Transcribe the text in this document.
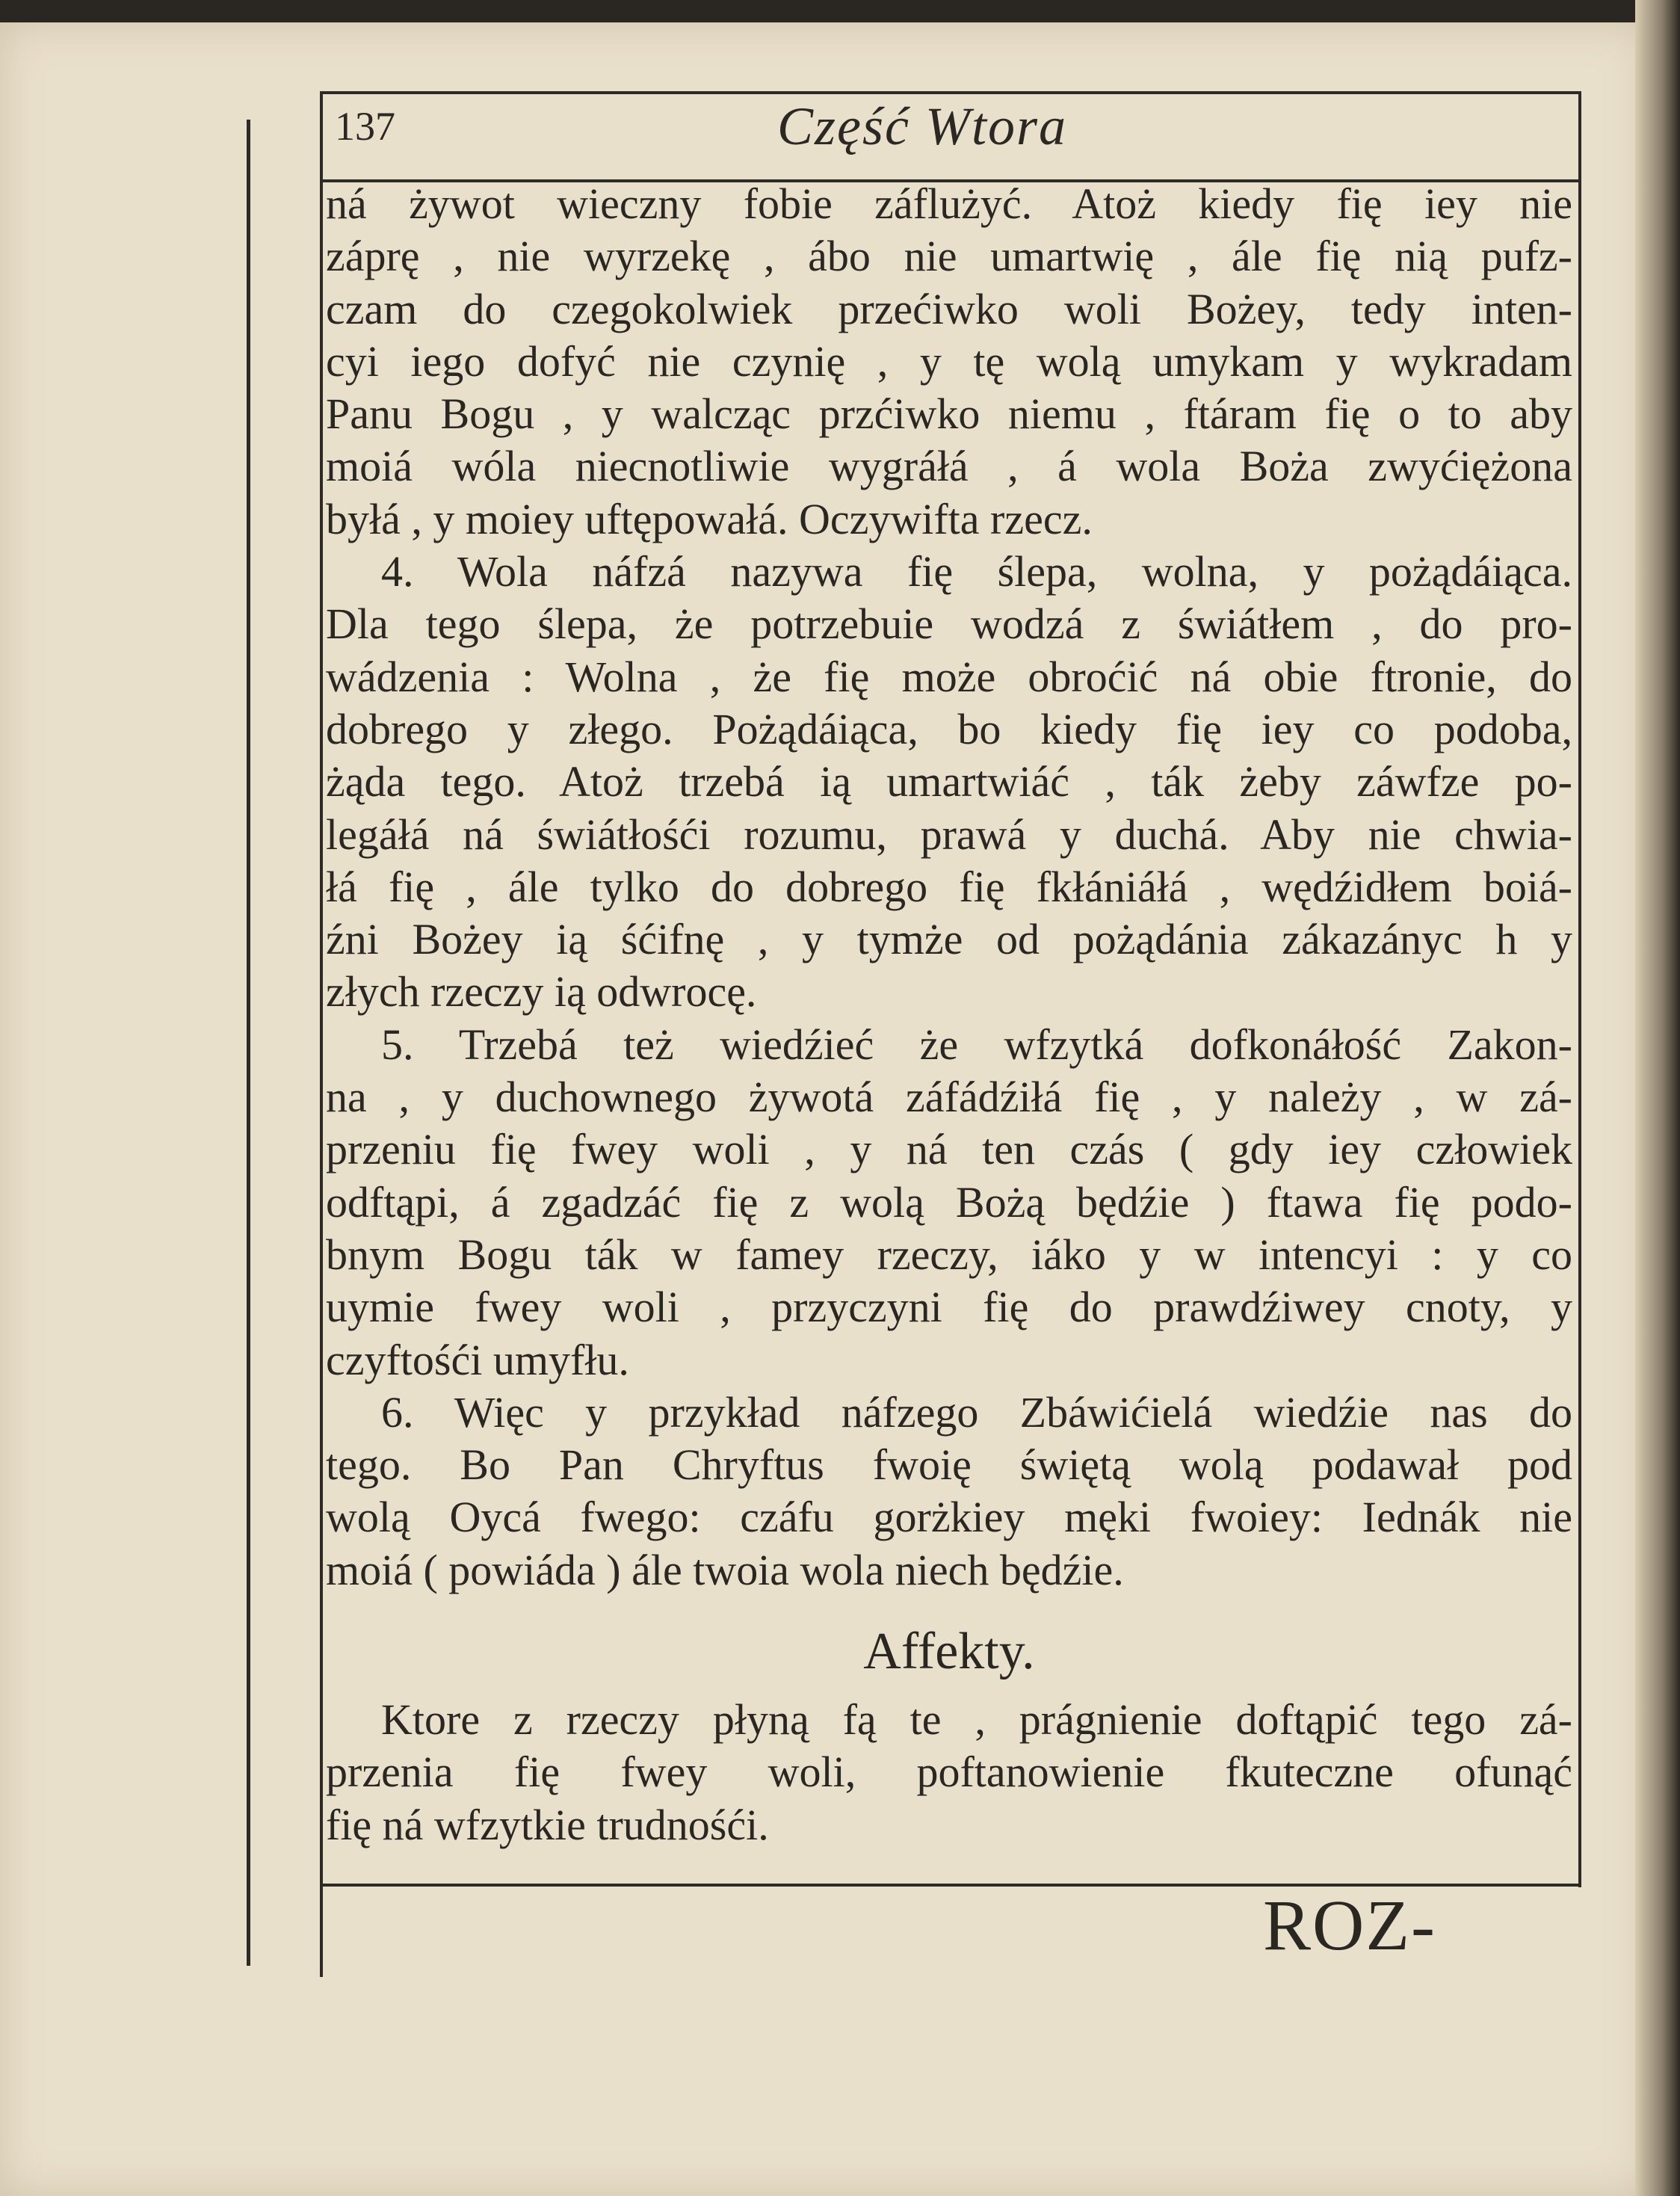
137	Część Wtora
ná żywot wieczny fobie záflużyć. Atoż kiedy fię iey nie
záprę , nie wyrzekę , ábo nie umartwię , ále fię nią pufz-
czam do czegokolwiek przećiwko woli Bożey, tedy inten-
cyi iego dofyć nie czynię , y tę wolą umykam y wykradam
Panu Bogu , y walcząc przćiwko niemu , ftáram fię o to aby
moiá wóla niecnotliwie wygráłá , á wola Boża zwyćiężona
byłá , y moiey uftępowałá. Oczywifta rzecz.
4. Wola náfzá nazywa fię ślepa, wolna, y pożądáiąca.
Dla tego ślepa, że potrzebuie wodzá z świátłem , do pro-
wádzenia : Wolna , że fię może obroćić ná obie ftronie, do
dobrego y złego. Pożądáiąca, bo kiedy fię iey co podoba,
żąda tego. Atoż trzebá ią umartwiáć , ták żeby záwfze po-
legáłá ná świátłośći rozumu, prawá y duchá. Aby nie chwia-
łá fię , ále tylko do dobrego fię fkłániáłá , wędźidłem boiá-
źni Bożey ią śćifnę , y tymże od pożądánia zákazányc h y
złych rzeczy ią odwrocę.
5. Trzebá też wiedźieć że wfzytká dofkonáłość Zakon-
na , y duchownego żywotá záfádźiłá fię , y należy , w zá-
przeniu fię fwey woli , y ná ten czás ( gdy iey człowiek
odftąpi, á zgadzáć fię z wolą Bożą będźie ) ftawa fię podo-
bnym Bogu ták w famey rzeczy, iáko y w intencyi : y co
uymie fwey woli , przyczyni fię do prawdźiwey cnoty, y
czyftośći umyfłu.
6. Więc y przykład náfzego Zbáwićielá wiedźie nas do
tego. Bo Pan Chryftus fwoię świętą wolą podawał pod
wolą Oycá fwego: czáfu gorżkiey męki fwoiey: Iednák nie
moiá ( powiáda ) ále twoia wola niech będźie.
Affekty.
Ktore z rzeczy płyną fą te , prágnienie doftąpić tego zá-
przenia fię fwey woli, poftanowienie fkuteczne ofunąć
fię ná wfzytkie trudnośći.
ROZ-
